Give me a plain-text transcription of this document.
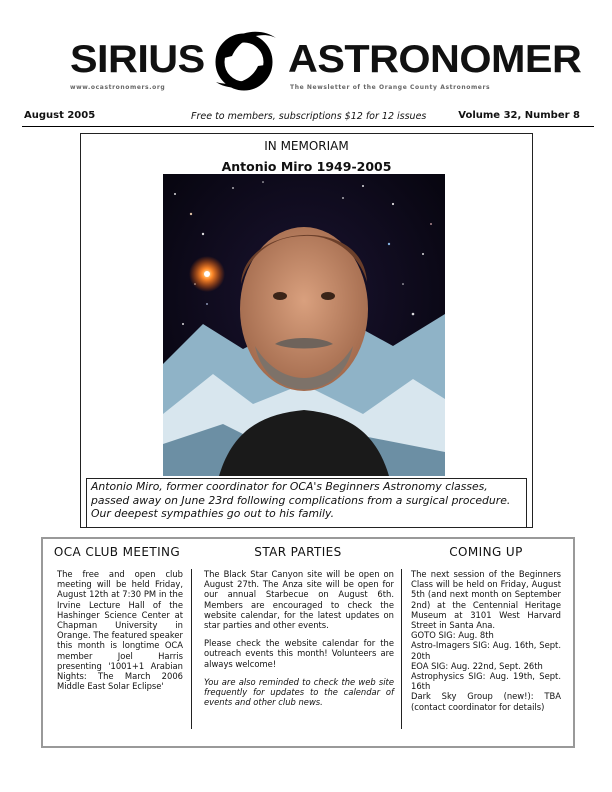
SIRIUS ASTRONOMER
www.ocastronomers.org	The Newsletter of the Orange County Astronomers
August 2005	Free to members, subscriptions $12 for 12 issues	Volume 32, Number 8
IN MEMORIAM
Antonio Miro 1949-2005
Antonio Miro, former coordinator for OCA's Beginners Astronomy classes, passed away on June 23rd following complications from a surgical procedure. Our deepest sympathies go out to his family.
OCA CLUB MEETING
The free and open club meeting will be held Friday, August 12th at 7:30 PM in the Irvine Lecture Hall of the Hashinger Science Center at Chapman University in Orange. The featured speaker this month is longtime OCA member Joel Harris presenting '1001+1 Arabian Nights: The March 2006 Middle East Solar Eclipse'
STAR PARTIES

The Black Star Canyon site will be open on August 27th. The Anza site will be open for our annual Starbecue on August 6th. Members are encouraged to check the website calendar, for the latest updates on star parties and other events.

Please check the website calendar for the outreach events this month! Volunteers are always welcome!

You are also reminded to check the web site frequently for updates to the calendar of events and other club news.

COMING UP

The next session of the Beginners Class will be held on Friday, August 5th (and next month on September 2nd) at the Centennial Heritage Museum at 3101 West Harvard Street in Santa Ana.

GOTO SIG: Aug. 8th

Astro-Imagers SIG: Aug. 16th, Sept. 20th

EOA SIG: Aug. 22nd, Sept. 26th

Astrophysics SIG: Aug. 19th, Sept. 16th

Dark Sky Group (new!): TBA (contact coordinator for details)
